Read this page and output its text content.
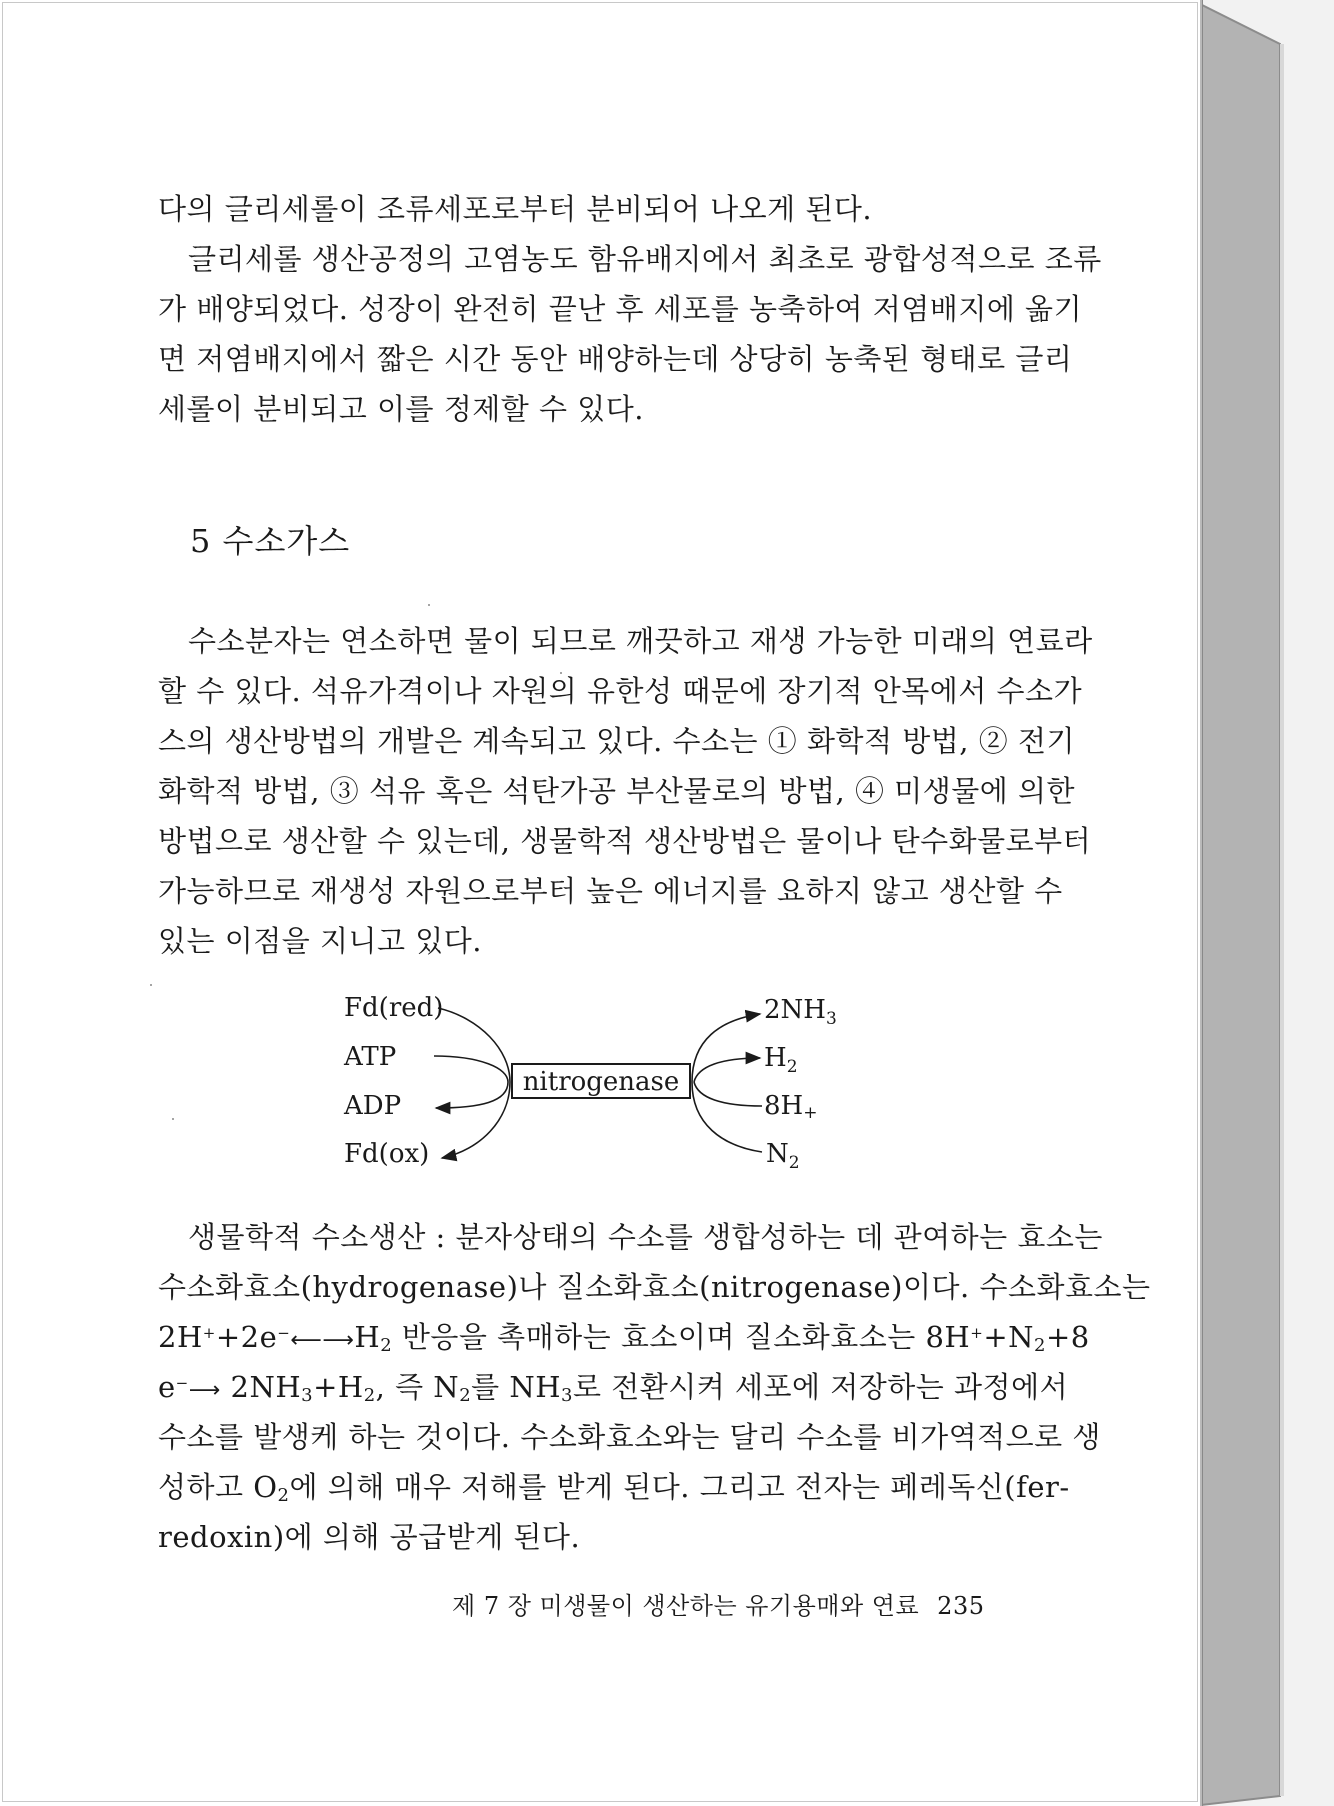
다의 글리세롤이 조류세포로부터 분비되어 나오게 된다.
글리세롤 생산공정의 고염농도 함유배지에서 최초로 광합성적으로 조류
가 배양되었다. 성장이 완전히 끝난 후 세포를 농축하여 저염배지에 옮기
면 저염배지에서 짧은 시간 동안 배양하는데 상당히 농축된 형태로 글리
세롤이 분비되고 이를 정제할 수 있다.
5 수소가스
수소분자는 연소하면 물이 되므로 깨끗하고 재생 가능한 미래의 연료라
할 수 있다. 석유가격이나 자원의 유한성 때문에 장기적 안목에서 수소가
스의 생산방법의 개발은 계속되고 있다. 수소는 ① 화학적 방법, ② 전기
화학적 방법, ③ 석유 혹은 석탄가공 부산물로의 방법, ④ 미생물에 의한
방법으로 생산할 수 있는데, 생물학적 생산방법은 물이나 탄수화물로부터
가능하므로 재생성 자원으로부터 높은 에너지를 요하지 않고 생산할 수
있는 이점을 지니고 있다.
Fd(red)
ATP
ADP
Fd(ox)
nitrogenase
$2NH_3$
$H_2$
8H+
$N_2$
생물학적 수소생산 : 분자상태의 수소를 생합성하는 데 관여하는 효소는
수소화효소(hydrogenase)나 질소화효소(nitrogenase)이다. 수소화효소는
$2H^++2e^-⟵⟶H_2$ 반응을 촉매하는 효소이며 질소화효소는 $8H^++N_2+8$
e−⟶ $2NH_3+H_2$, 즉 $N_2$를 $NH_3$로 전환시켜 세포에 저장하는 과정에서
수소를 발생케 하는 것이다. 수소화효소와는 달리 수소를 비가역적으로 생
성하고 $O_2$에 의해 매우 저해를 받게 된다. 그리고 전자는 페레독신(fer-
redoxin)에 의해 공급받게 된다.
제 7 장 미생물이 생산하는 유기용매와 연료 235
